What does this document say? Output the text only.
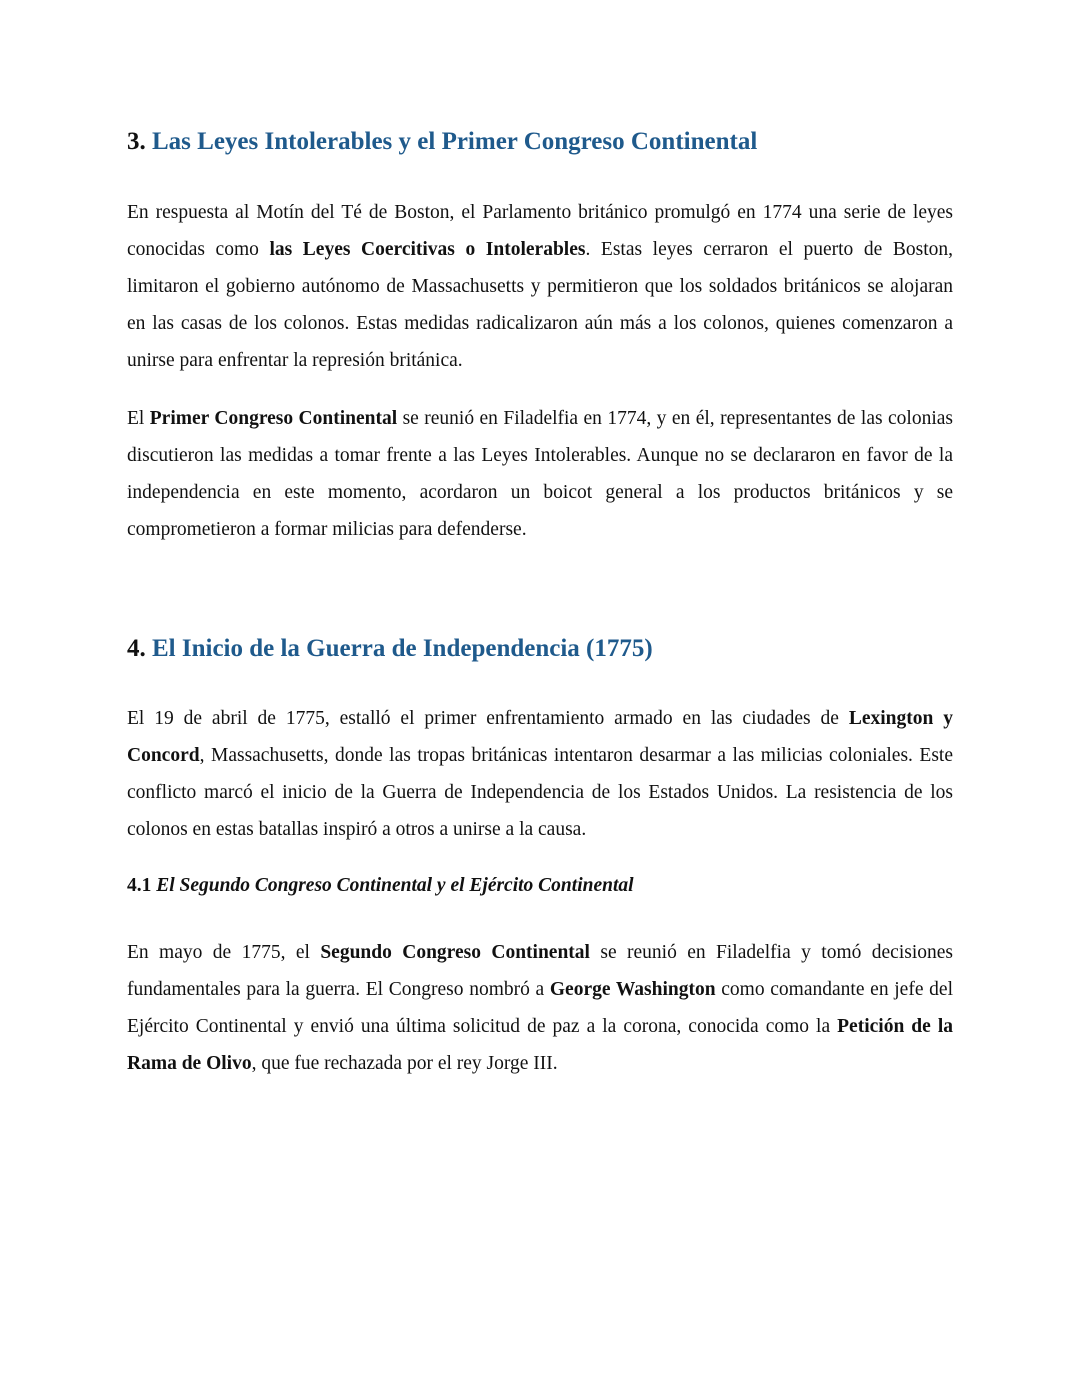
3. Las Leyes Intolerables y el Primer Congreso Continental

En respuesta al Motín del Té de Boston, el Parlamento británico promulgó en 1774 una serie de leyes conocidas como las Leyes Coercitivas o Intolerables. Estas leyes cerraron el puerto de Boston, limitaron el gobierno autónomo de Massachusetts y permitieron que los soldados británicos se alojaran en las casas de los colonos. Estas medidas radicalizaron aún más a los colonos, quienes comenzaron a unirse para enfrentar la represión británica.

El Primer Congreso Continental se reunió en Filadelfia en 1774, y en él, representantes de las colonias discutieron las medidas a tomar frente a las Leyes Intolerables. Aunque no se declararon en favor de la independencia en este momento, acordaron un boicot general a los productos británicos y se comprometieron a formar milicias para defenderse.

4. El Inicio de la Guerra de Independencia (1775)

El 19 de abril de 1775, estalló el primer enfrentamiento armado en las ciudades de Lexington y Concord, Massachusetts, donde las tropas británicas intentaron desarmar a las milicias coloniales. Este conflicto marcó el inicio de la Guerra de Independencia de los Estados Unidos. La resistencia de los colonos en estas batallas inspiró a otros a unirse a la causa.

4.1 El Segundo Congreso Continental y el Ejército Continental

En mayo de 1775, el Segundo Congreso Continental se reunió en Filadelfia y tomó decisiones fundamentales para la guerra. El Congreso nombró a George Washington como comandante en jefe del Ejército Continental y envió una última solicitud de paz a la corona, conocida como la Petición de la Rama de Olivo, que fue rechazada por el rey Jorge III.
